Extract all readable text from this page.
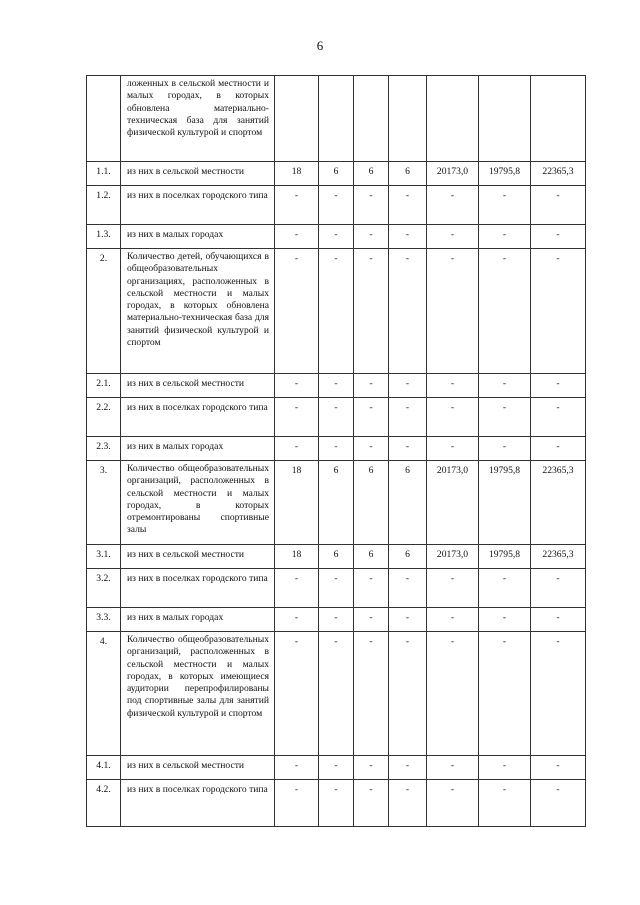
6
	ложенных в сельской местности и малых городах, в которых обновлена материально-техническая база для занятий физической культурой и спортом							
1.1.	из них в сельской местности	18	6	6	6	20173,0	19795,8	22365,3
1.2.	из них в поселках городского типа	-	-	-	-	-	-	-
1.3.	из них в малых городах	-	-	-	-	-	-	-
2.	Количество детей, обучающихся в общеобразовательных организациях, расположенных в сельской местности и малых городах, в которых обновлена материально-техническая база для занятий физической культурой и спортом	-	-	-	-	-	-	-
2.1.	из них в сельской местности	-	-	-	-	-	-	-
2.2.	из них в поселках городского типа	-	-	-	-	-	-	-
2.3.	из них в малых городах	-	-	-	-	-	-	-
3.	Количество общеобразовательных организаций, расположенных в сельской местности и малых городах, в которых отремонтированы спортивные залы	18	6	6	6	20173,0	19795,8	22365,3
3.1.	из них в сельской местности	18	6	6	6	20173,0	19795,8	22365,3
3.2.	из них в поселках городского типа	-	-	-	-	-	-	-
3.3.	из них в малых городах	-	-	-	-	-	-	-
4.	Количество общеобразовательных организаций, расположенных в сельской местности и малых городах, в которых имеющиеся аудитории перепрофилированы под спортивные залы для занятий физической культурой и спортом	-	-	-	-	-	-	-
4.1.	из них в сельской местности	-	-	-	-	-	-	-
4.2.	из них в поселках городского типа	-	-	-	-	-	-	-
